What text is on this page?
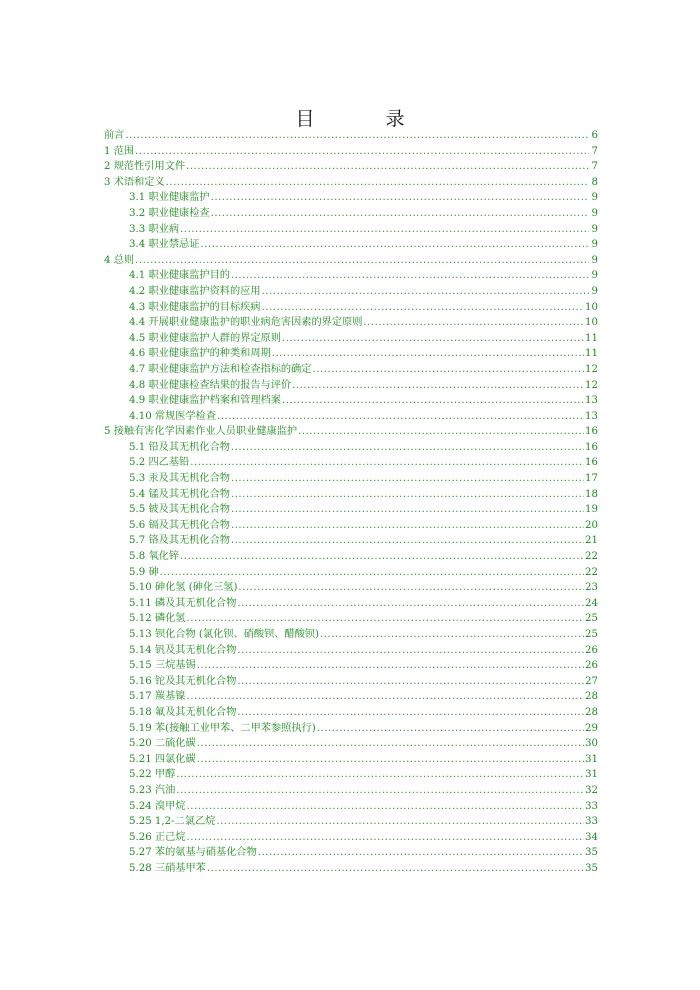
目　录
前言 .....	6
1 范围 .....	7
2 规范性引用文件 .....	7
3 术语和定义 .....	8
3.1 职业健康监护 .....	9
3.2 职业健康检查 .....	9
3.3 职业病 .....	9
3.4 职业禁忌证 .....	9
4 总则 .....	9
4.1 职业健康监护目的 .....	9
4.2 职业健康监护资料的应用 .....	9
4.3 职业健康监护的目标疾病 .....	10
4.4 开展职业健康监护的职业病危害因素的界定原则 .....	10
4.5 职业健康监护人群的界定原则 .....	11
4.6 职业健康监护的种类和周期 .....	11
4.7 职业健康监护方法和检查指标的确定 .....	12
4.8 职业健康检查结果的报告与评价 .....	12
4.9 职业健康监护档案和管理档案 .....	13
4.10 常规医学检查 .....	13
5 接触有害化学因素作业人员职业健康监护 .....	16
5.1 铅及其无机化合物 .....	16
5.2 四乙基铅 .....	16
5.3 汞及其无机化合物 .....	17
5.4 锰及其无机化合物 .....	18
5.5 铍及其无机化合物 .....	19
5.6 镉及其无机化合物 .....	20
5.7 铬及其无机化合物 .....	21
5.8 氧化锌 .....	22
5.9 砷 .....	22
5.10 砷化氢 (砷化三氢) .....	23
5.11 磷及其无机化合物 .....	24
5.12 磷化氢 .....	25
5.13 钡化合物 (氯化钡、硝酸钡、醋酸钡) .....	25
5.14 钒及其无机化合物 .....	26
5.15 三烷基锡 .....	26
5.16 铊及其无机化合物 .....	27
5.17 羰基镍 .....	28
5.18 氟及其无机化合物 .....	28
5.19 苯(接触工业甲苯、二甲苯参照执行) .....	29
5.20 二硫化碳 .....	30
5.21 四氯化碳 .....	31
5.22 甲醇 .....	31
5.23 汽油 .....	32
5.24 溴甲烷 .....	33
5.25 1,2-二氯乙烷 .....	33
5.26 正己烷 .....	34
5.27 苯的氨基与硝基化合物 .....	35
5.28 三硝基甲苯 .....	35
